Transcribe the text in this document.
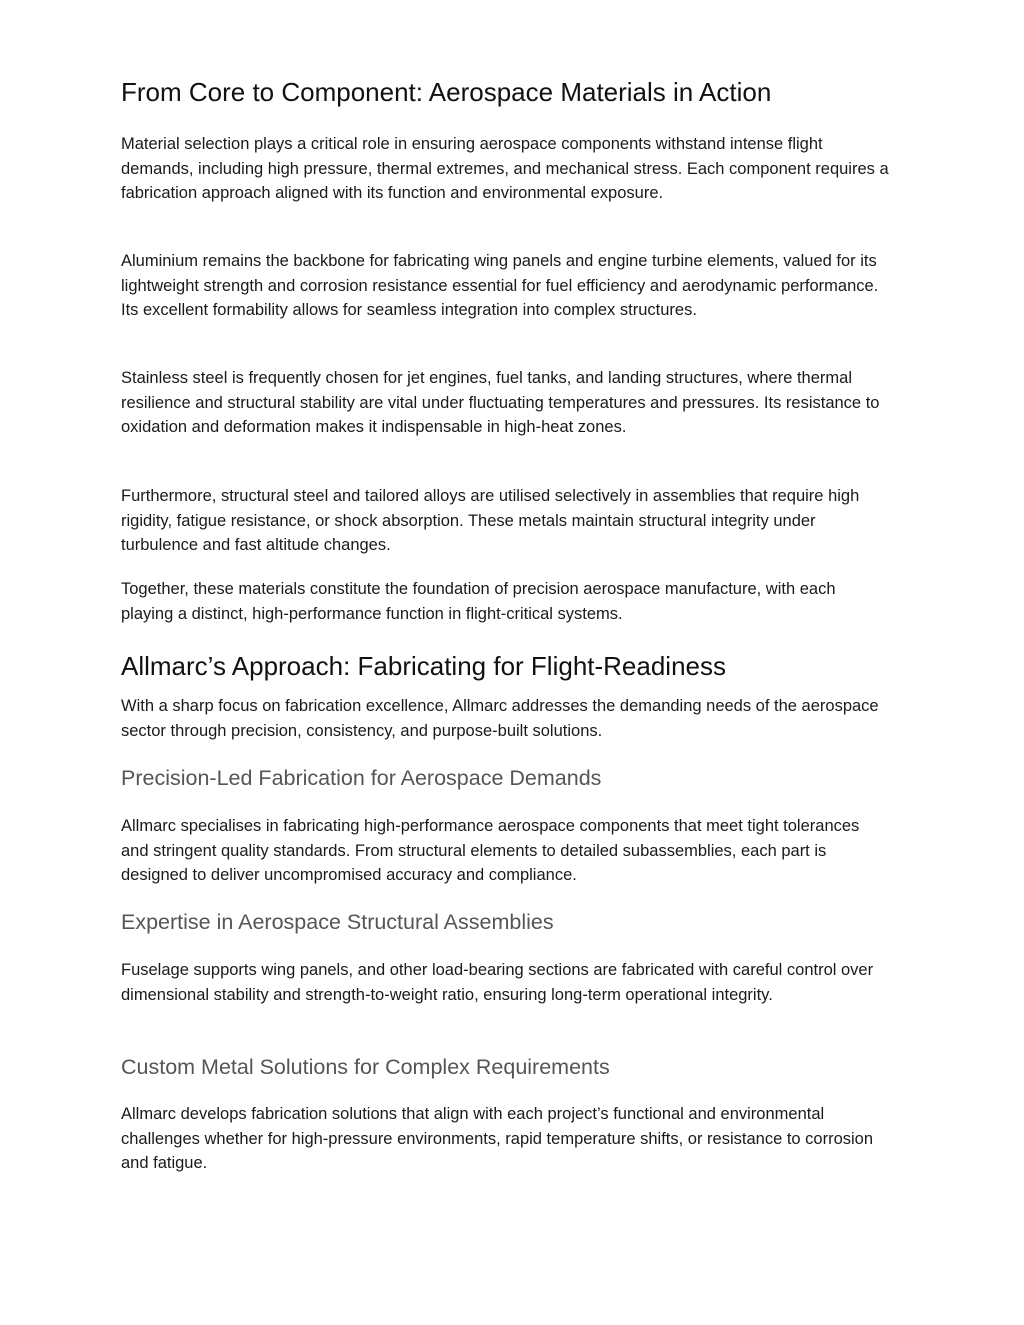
From Core to Component: Aerospace Materials in Action

Material selection plays a critical role in ensuring aerospace components withstand intense flight demands, including high pressure, thermal extremes, and mechanical stress. Each component requires a fabrication approach aligned with its function and environmental exposure.

Aluminium remains the backbone for fabricating wing panels and engine turbine elements, valued for its lightweight strength and corrosion resistance essential for fuel efficiency and aerodynamic performance. Its excellent formability allows for seamless integration into complex structures.

Stainless steel is frequently chosen for jet engines, fuel tanks, and landing structures, where thermal resilience and structural stability are vital under fluctuating temperatures and pressures. Its resistance to oxidation and deformation makes it indispensable in high-heat zones.

Furthermore, structural steel and tailored alloys are utilised selectively in assemblies that require high rigidity, fatigue resistance, or shock absorption. These metals maintain structural integrity under turbulence and fast altitude changes.

Together, these materials constitute the foundation of precision aerospace manufacture, with each playing a distinct, high-performance function in flight-critical systems.

Allmarc’s Approach: Fabricating for Flight-Readiness

With a sharp focus on fabrication excellence, Allmarc addresses the demanding needs of the aerospace sector through precision, consistency, and purpose-built solutions.

Precision-Led Fabrication for Aerospace Demands

Allmarc specialises in fabricating high-performance aerospace components that meet tight tolerances and stringent quality standards. From structural elements to detailed subassemblies, each part is designed to deliver uncompromised accuracy and compliance.

Expertise in Aerospace Structural Assemblies

Fuselage supports wing panels, and other load-bearing sections are fabricated with careful control over dimensional stability and strength-to-weight ratio, ensuring long-term operational integrity.

Custom Metal Solutions for Complex Requirements

Allmarc develops fabrication solutions that align with each project’s functional and environmental challenges whether for high-pressure environments, rapid temperature shifts, or resistance to corrosion and fatigue.
